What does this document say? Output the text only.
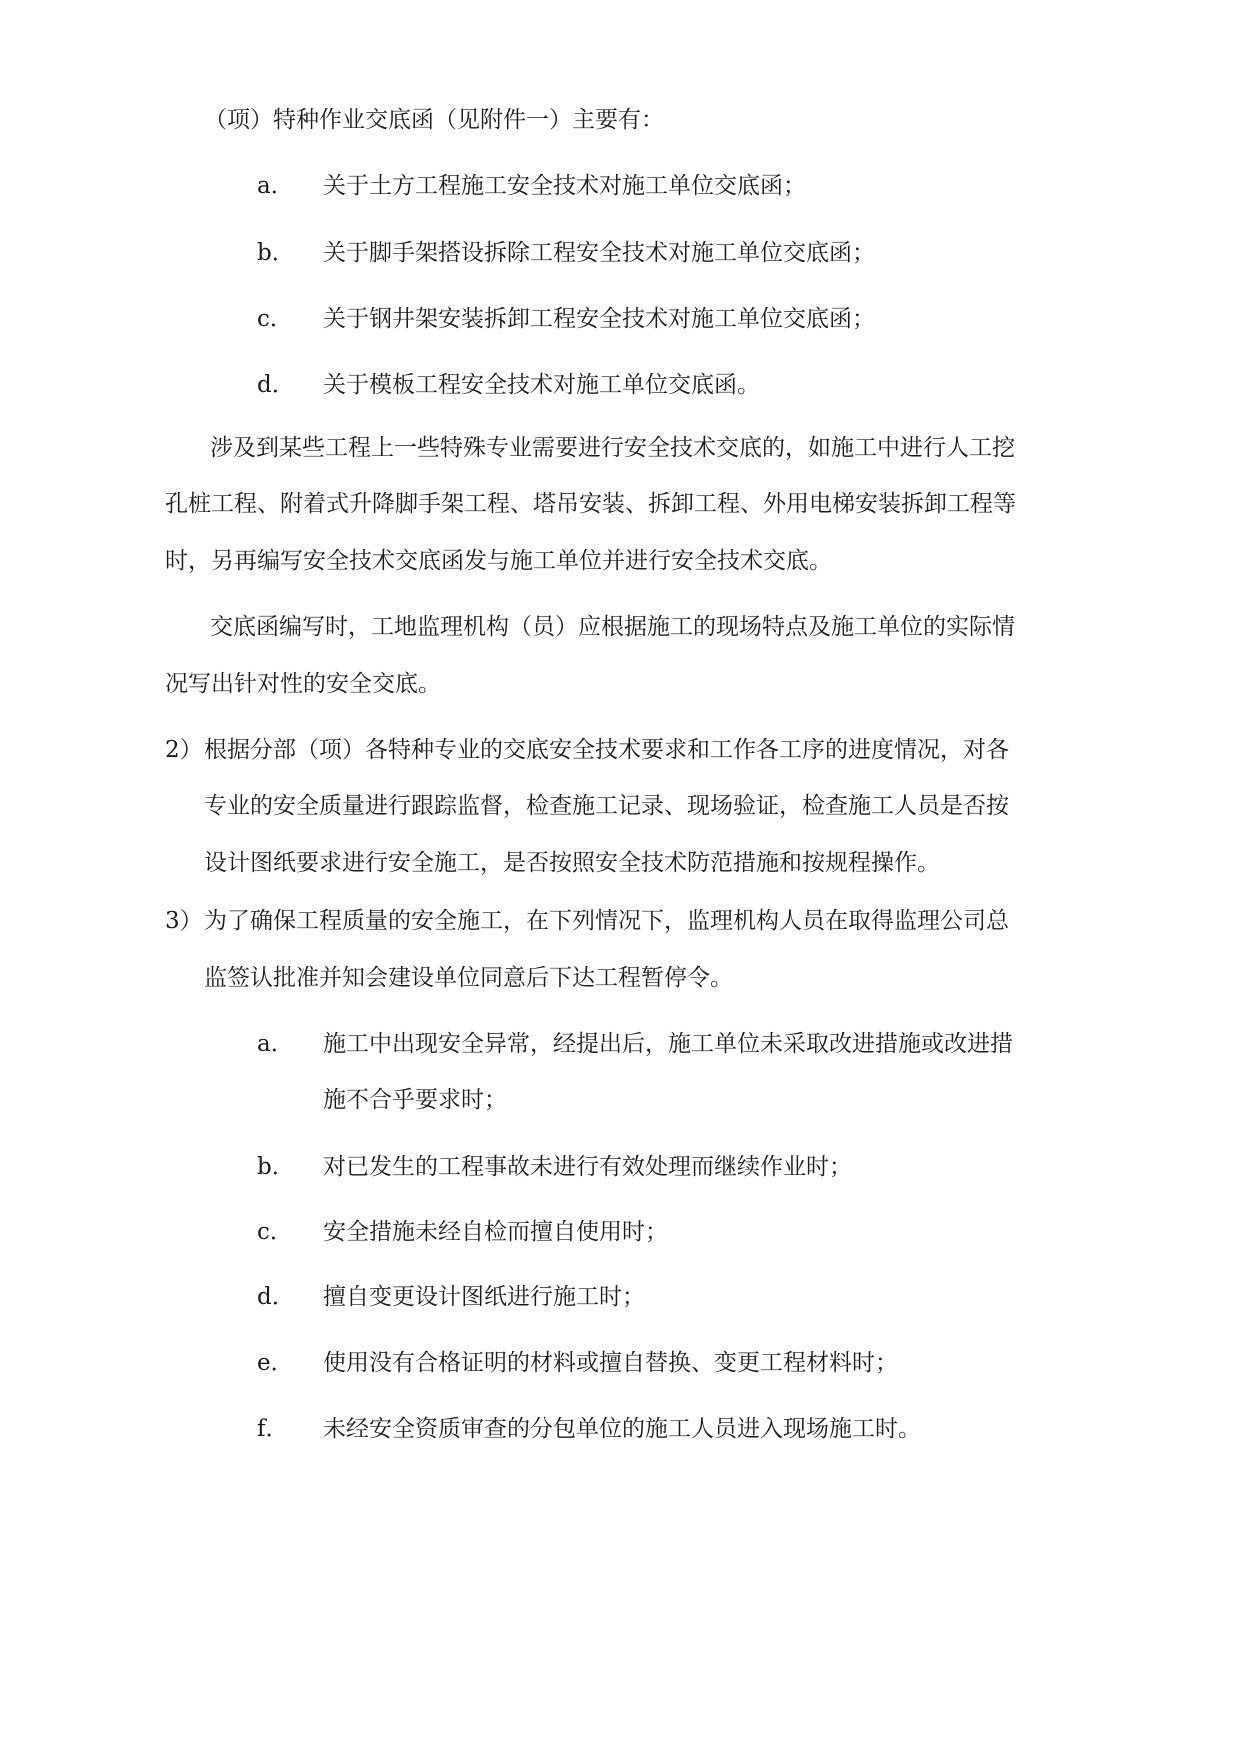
（项）特种作业交底函（见附件一）主要有：
a． 关于土方工程施工安全技术对施工单位交底函；
b． 关于脚手架搭设拆除工程安全技术对施工单位交底函；
c． 关于钢井架安装拆卸工程安全技术对施工单位交底函；
d． 关于模板工程安全技术对施工单位交底函。
涉及到某些工程上一些特殊专业需要进行安全技术交底的，如施工中进行人工挖
孔桩工程、附着式升降脚手架工程、塔吊安装、拆卸工程、外用电梯安装拆卸工程等
时，另再编写安全技术交底函发与施工单位并进行安全技术交底。
交底函编写时，工地监理机构（员）应根据施工的现场特点及施工单位的实际情
况写出针对性的安全交底。
2） 根据分部（项）各特种专业的交底安全技术要求和工作各工序的进度情况，对各
专业的安全质量进行跟踪监督，检查施工记录、现场验证，检查施工人员是否按
设计图纸要求进行安全施工，是否按照安全技术防范措施和按规程操作。
3） 为了确保工程质量的安全施工，在下列情况下，监理机构人员在取得监理公司总
监签认批准并知会建设单位同意后下达工程暂停令。
a． 施工中出现安全异常，经提出后，施工单位未采取改进措施或改进措
施不合乎要求时；
b． 对已发生的工程事故未进行有效处理而继续作业时；
c． 安全措施未经自检而擅自使用时；
d． 擅自变更设计图纸进行施工时；
e． 使用没有合格证明的材料或擅自替换、变更工程材料时；
f． 未经安全资质审查的分包单位的施工人员进入现场施工时。
